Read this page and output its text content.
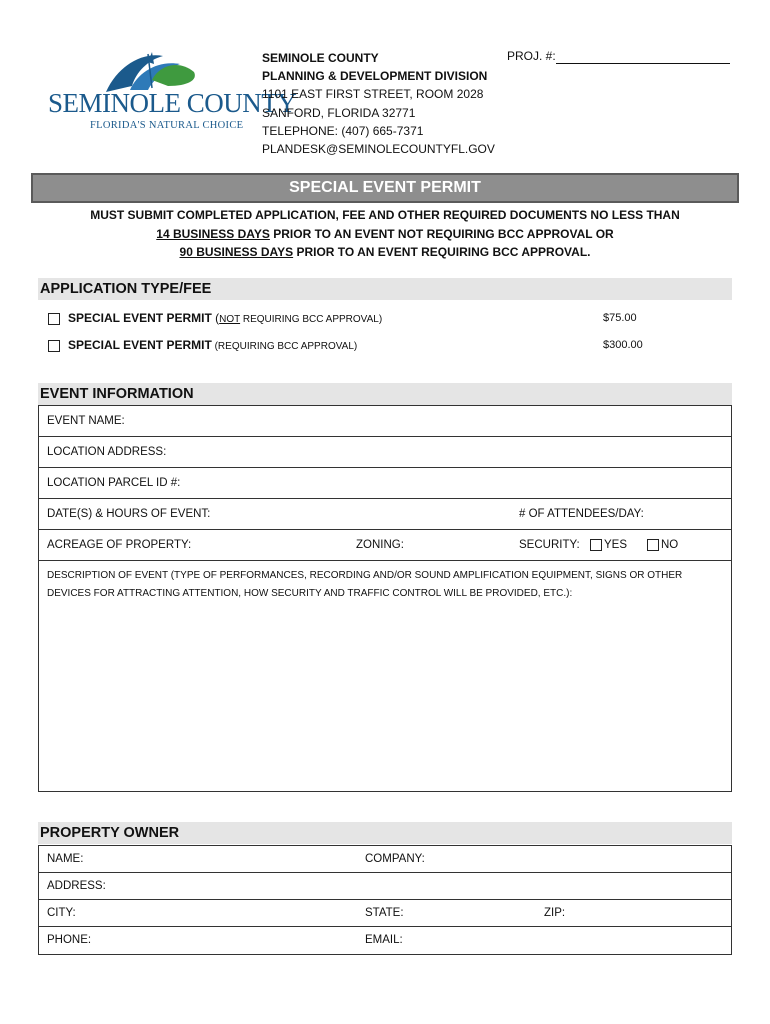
SEMINOLE COUNTY
FLORIDA'S NATURAL CHOICE
SEMINOLE COUNTY
PLANNING & DEVELOPMENT DIVISION
1101 EAST FIRST STREET, ROOM 2028
SANFORD, FLORIDA 32771
TELEPHONE: (407) 665-7371
PLANDESK@SEMINOLECOUNTYFL.GOV
PROJ. #:
SPECIAL EVENT PERMIT
MUST SUBMIT COMPLETED APPLICATION, FEE AND OTHER REQUIRED DOCUMENTS NO LESS THAN
14 BUSINESS DAYS PRIOR TO AN EVENT NOT REQUIRING BCC APPROVAL OR
90 BUSINESS DAYS PRIOR TO AN EVENT REQUIRING BCC APPROVAL.
APPLICATION TYPE/FEE
SPECIAL EVENT PERMIT (NOT REQUIRING BCC APPROVAL)	$75.00
SPECIAL EVENT PERMIT (REQUIRING BCC APPROVAL)	$300.00
EVENT INFORMATION
EVENT NAME:
LOCATION ADDRESS:
LOCATION PARCEL ID #:
DATE(S) & HOURS OF EVENT:	# OF ATTENDEES/DAY:
ACREAGE OF PROPERTY:	ZONING:	SECURITY: YES	NO
DESCRIPTION OF EVENT (TYPE OF PERFORMANCES, RECORDING AND/OR SOUND AMPLIFICATION EQUIPMENT, SIGNS OR OTHER
DEVICES FOR ATTRACTING ATTENTION, HOW SECURITY AND TRAFFIC CONTROL WILL BE PROVIDED, ETC.):
PROPERTY OWNER
NAME:	COMPANY:
ADDRESS:
CITY:	STATE:	ZIP:
PHONE:	EMAIL:
